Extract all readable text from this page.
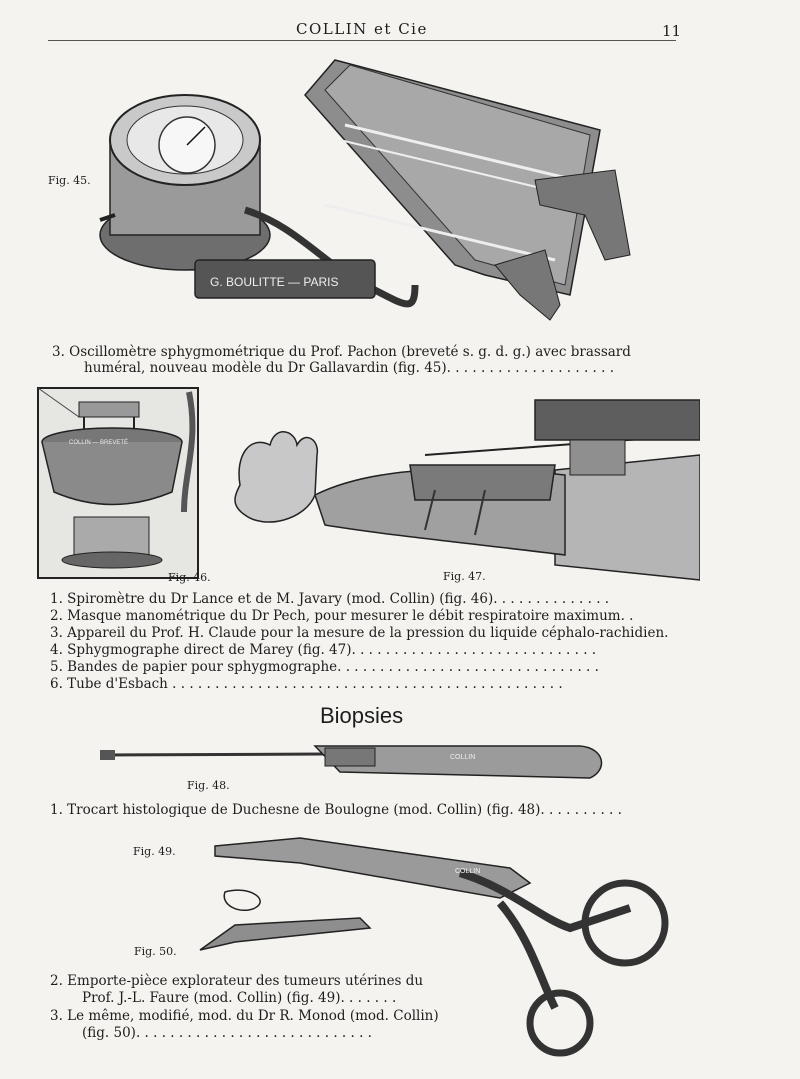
COLLIN et Cie	11
G. BOULITTE — PARIS
Fig. 45.
3. Oscillomètre sphygmométrique du Prof. Pachon (breveté s. g. d. g.) avec brassard
huméral, nouveau modèle du Dr Gallavardin (fig. 45). . . . . . . . . . . . . . . . . . . .
COLLIN — BREVETÉ
Fig. 46.	Fig. 47.
1. Spiromètre du Dr Lance et de M. Javary (mod. Collin) (fig. 46). . . . . . . . . . . . . .
2. Masque manométrique du Dr Pech, pour mesurer le débit respiratoire maximum. .
3. Appareil du Prof. H. Claude pour la mesure de la pression du liquide céphalo-rachidien.
4. Sphygmographe direct de Marey (fig. 47). . . . . . . . . . . . . . . . . . . . . . . . . . . . .
5. Bandes de papier pour sphygmographe. . . . . . . . . . . . . . . . . . . . . . . . . . . . . . .
6. Tube d'Esbach . . . . . . . . . . . . . . . . . . . . . . . . . . . . . . . . . . . . . . . . . . . . . .
Biopsies
COLLIN
Fig. 48.
1. Trocart histologique de Duchesne de Boulogne (mod. Collin) (fig. 48). . . . . . . . . .
COLLIN
Fig. 49.
Fig. 50.
2. Emporte-pièce explorateur des tumeurs utérines du
Prof. J.-L. Faure (mod. Collin) (fig. 49). . . . . . .
3. Le même, modifié, mod. du Dr R. Monod (mod. Collin)
(fig. 50). . . . . . . . . . . . . . . . . . . . . . . . . . . .
